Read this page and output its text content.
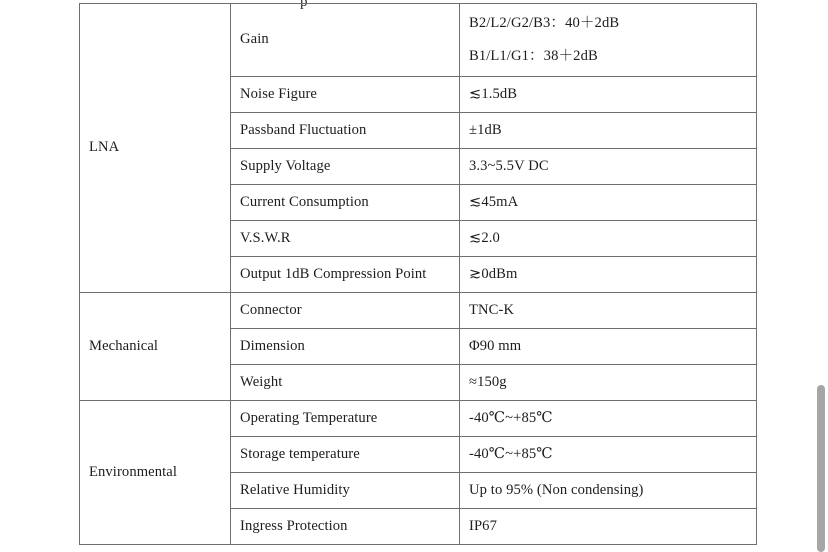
p
LNA	Gain	B2/L2/G2/B3：40＋2dB
B1/L1/G1：38＋2dB

	Noise Figure	≲1.5dB
	Passband Fluctuation	±1dB
	Supply Voltage	3.3~5.5V DC
	Current Consumption	≲45mA
	V.S.W.R	≲2.0
	Output 1dB Compression Point	≳0dBm
Mechanical	Connector	TNC-K
	Dimension	Φ90 mm
	Weight	≈150g
Environmental	Operating Temperature	-40℃~+85℃
	Storage temperature	-40℃~+85℃
	Relative Humidity	Up to 95% (Non condensing)
	Ingress Protection	IP67
